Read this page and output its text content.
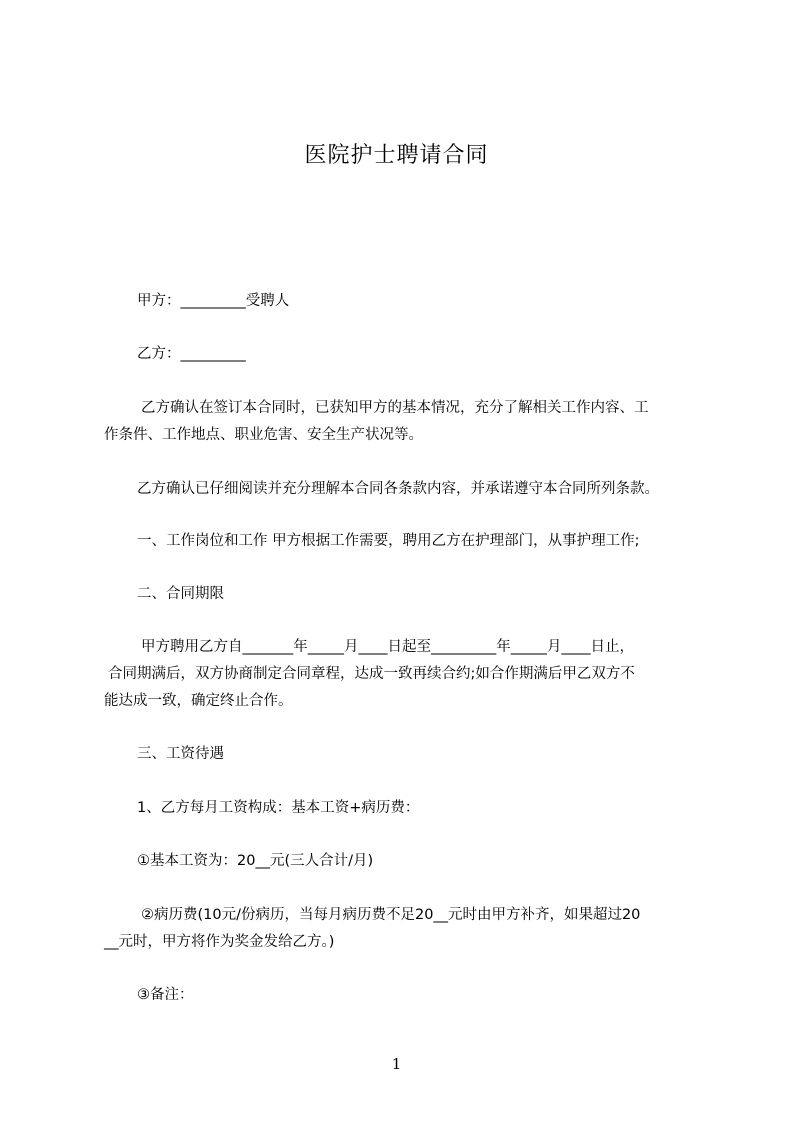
医院护士聘请合同
甲方：_________受聘人
乙方：_________
乙方确认在签订本合同时，已获知甲方的基本情况，充分了解相关工作内容、工
作条件、工作地点、职业危害、安全生产状况等。
乙方确认已仔细阅读并充分理解本合同各条款内容，并承诺遵守本合同所列条款。
一、工作岗位和工作 甲方根据工作需要，聘用乙方在护理部门，从事护理工作;
二、合同期限
甲方聘用乙方自_______年_____月____日起至_________年_____月____日止，
合同期满后，双方协商制定合同章程，达成一致再续合约;如合作期满后甲乙双方不
能达成一致，确定终止合作。
三、工资待遇
1、乙方每月工资构成：基本工资+病历费：
①基本工资为：20__元(三人合计/月)
②病历费(10元/份病历，当每月病历费不足20__元时由甲方补齐，如果超过20
__元时，甲方将作为奖金发给乙方。)
③备注：
1
